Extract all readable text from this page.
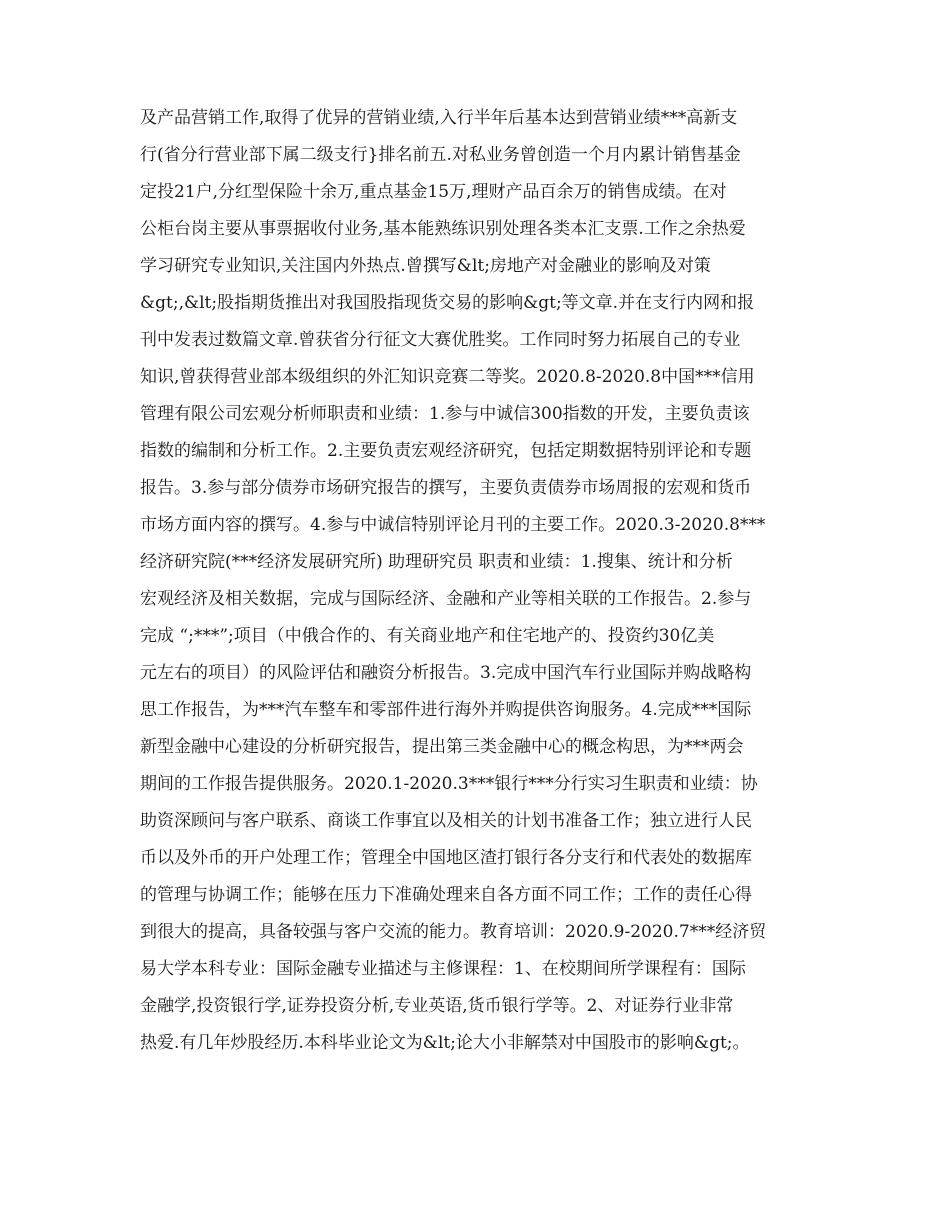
及产品营销工作,取得了优异的营销业绩,入行半年后基本达到营销业绩***高新支
行(省分行营业部下属二级支行}排名前五.对私业务曾创造一个月内累计销售基金
定投21户,分红型保险十余万,重点基金15万,理财产品百余万的销售成绩。在对
公柜台岗主要从事票据收付业务,基本能熟练识别处理各类本汇支票.工作之余热爱
学习研究专业知识,关注国内外热点.曾撰写&lt;房地产对金融业的影响及对策
&gt;,&lt;股指期货推出对我国股指现货交易的影响&gt;等文章.并在支行内网和报
刊中发表过数篇文章.曾获省分行征文大赛优胜奖。工作同时努力拓展自己的专业
知识,曾获得营业部本级组织的外汇知识竞赛二等奖。2020.8-2020.8中国***信用
管理有限公司宏观分析师职责和业绩：1.参与中诚信300指数的开发，主要负责该
指数的编制和分析工作。2.主要负责宏观经济研究，包括定期数据特别评论和专题
报告。3.参与部分债券市场研究报告的撰写，主要负责债券市场周报的宏观和货币
市场方面内容的撰写。4.参与中诚信特别评论月刊的主要工作。2020.3-2020.8***
经济研究院(***经济发展研究所) 助理研究员 职责和业绩：1.搜集、统计和分析
宏观经济及相关数据，完成与国际经济、金融和产业等相关联的工作报告。2.参与
完成 “;***”;项目（中俄合作的、有关商业地产和住宅地产的、投资约30亿美
元左右的项目）的风险评估和融资分析报告。3.完成中国汽车行业国际并购战略构
思工作报告，为***汽车整车和零部件进行海外并购提供咨询服务。4.完成***国际
新型金融中心建设的分析研究报告，提出第三类金融中心的概念构思，为***两会
期间的工作报告提供服务。2020.1-2020.3***银行***分行实习生职责和业绩：协
助资深顾问与客户联系、商谈工作事宜以及相关的计划书准备工作；独立进行人民
币以及外币的开户处理工作；管理全中国地区渣打银行各分支行和代表处的数据库
的管理与协调工作；能够在压力下准确处理来自各方面不同工作；工作的责任心得
到很大的提高，具备较强与客户交流的能力。教育培训：2020.9-2020.7***经济贸
易大学本科专业：国际金融专业描述与主修课程：1、在校期间所学课程有：国际
金融学,投资银行学,证券投资分析,专业英语,货币银行学等。2、对证券行业非常
热爱.有几年炒股经历.本科毕业论文为&lt;论大小非解禁对中国股市的影响&gt;。
